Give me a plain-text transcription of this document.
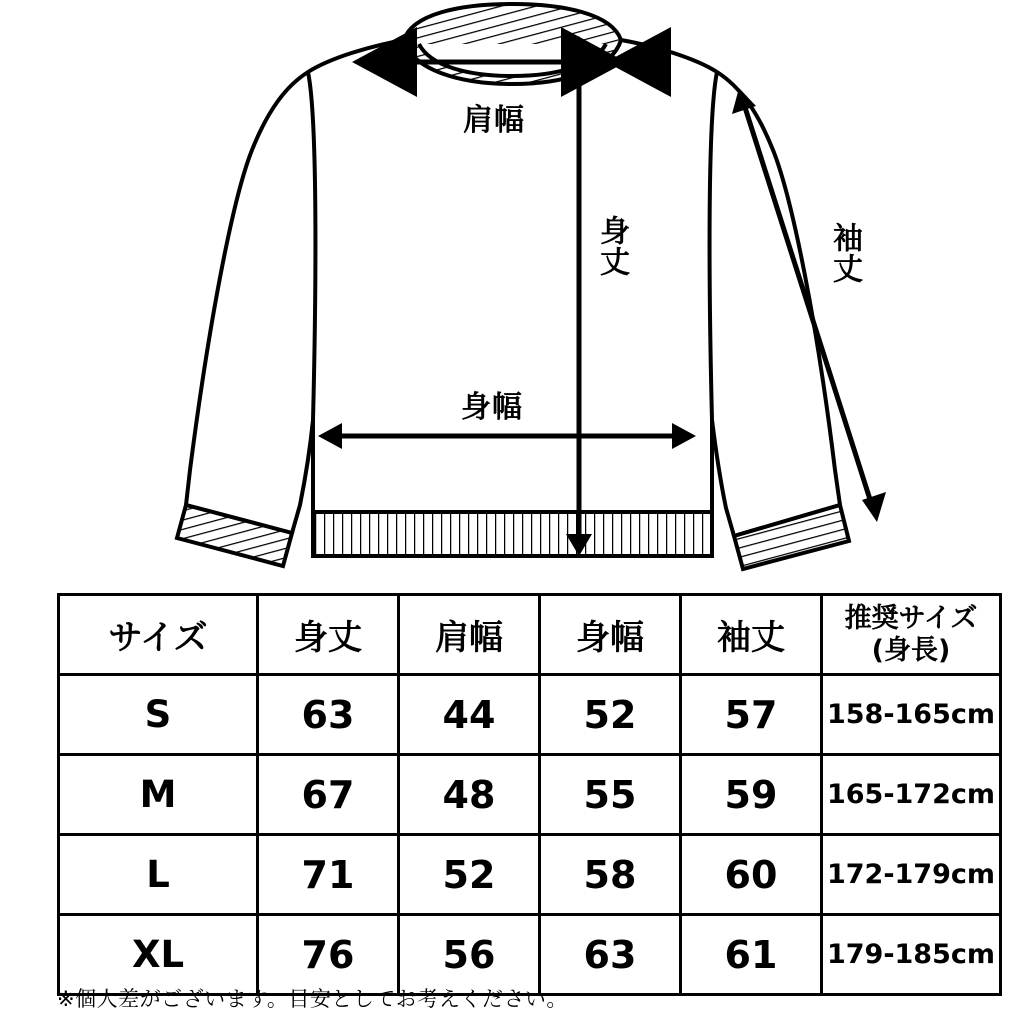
肩幅
身丈
身幅
袖丈
サイズ	身丈	肩幅	身幅	袖丈	推奨サイズ
(身長)

S	63	44	52	57	158-165cm
M	67	48	55	59	165-172cm
L	71	52	58	60	172-179cm
XL	76	56	63	61	179-185cm
※個人差がございます。目安としてお考えください。
